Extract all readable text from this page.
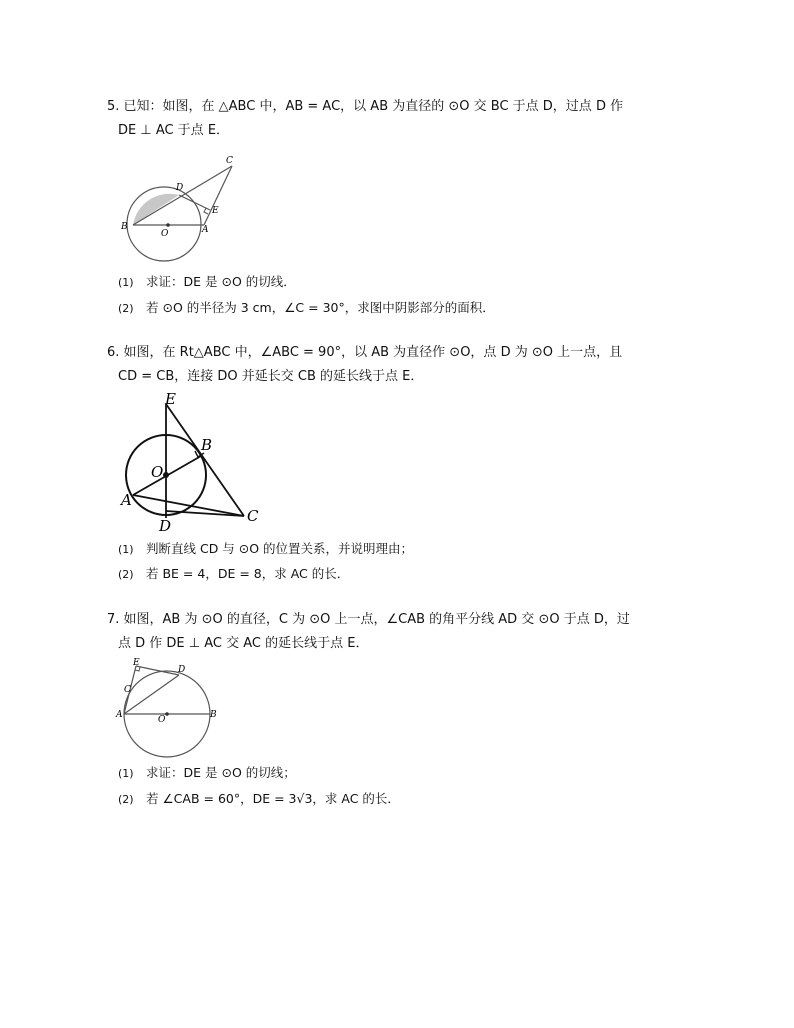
5. 已知：如图，在 △ABC 中，AB = AC，以 AB 为直径的 ⊙O 交 BC 于点 D，过点 D 作
DE ⊥ AC 于点 E．
B	A
O
D
C
E
(1) 求证：DE 是 ⊙O 的切线．
(2) 若 ⊙O 的半径为 3 cm，∠C = 30°，求图中阴影部分的面积．
6. 如图，在 Rt△ABC 中，∠ABC = 90°，以 AB 为直径作 ⊙O，点 D 为 ⊙O 上一点，且
CD = CB，连接 DO 并延长交 CB 的延长线于点 E．
E
B
O
A
D
C
(1) 判断直线 CD 与 ⊙O 的位置关系，并说明理由；
(2) 若 BE = 4，DE = 8，求 AC 的长．
7. 如图，AB 为 ⊙O 的直径，C 为 ⊙O 上一点，∠CAB 的角平分线 AD 交 ⊙O 于点 D，过
点 D 作 DE ⊥ AC 交 AC 的延长线于点 E．
E
D
C
A	O	B
(1) 求证：DE 是 ⊙O 的切线；
(2) 若 ∠CAB = 60°，DE = 3√3，求 AC 的长．
